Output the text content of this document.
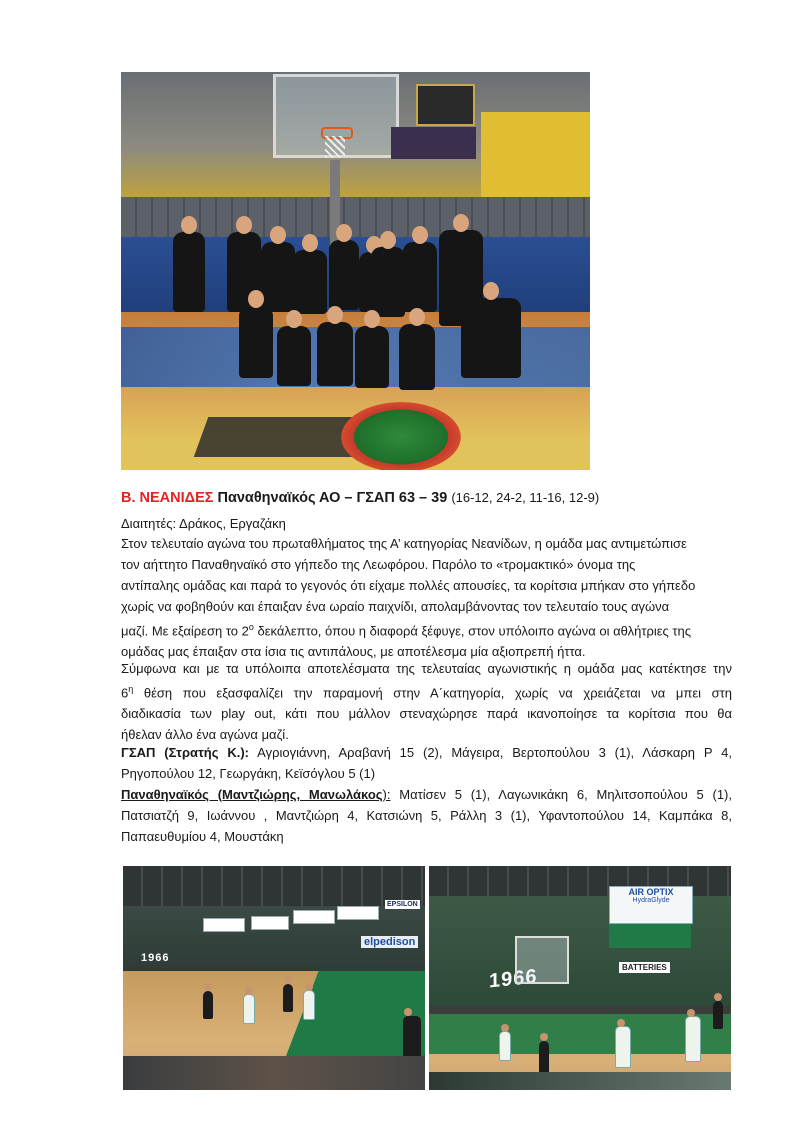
Β. ΝΕΑΝΙΔΕΣ Παναθηναϊκός ΑΟ – ΓΣΑΠ 63 – 39 (16-12, 24-2, 11-16, 12-9)
Διαιτητές: Δράκος, Εργαζάκη
Στον τελευταίο αγώνα του πρωταθλήματος της Α’ κατηγορίας Νεανίδων, η ομάδα μας αντιμετώπισε
τον αήττητο Παναθηναϊκό στο γήπεδο της Λεωφόρου. Παρόλο το «τρομακτικό» όνομα της
αντίπαλης ομάδας και παρά το γεγονός ότι είχαμε πολλές απουσίες, τα κορίτσια μπήκαν στο γήπεδο
χωρίς να φοβηθούν και έπαιξαν ένα ωραίο παιχνίδι, απολαμβάνοντας τον τελευταίο τους αγώνα
μαζί. Με εξαίρεση το $2^o$ δεκάλεπτο, όπου η διαφορά ξέφυγε, στον υπόλοιπο αγώνα οι αθλήτριες της
ομάδας μας έπαιξαν στα ίσια τις αντιπάλους, με αποτέλεσμα μία αξιοπρεπή ήττα.
Σύμφωνα και με τα υπόλοιπα αποτελέσματα της τελευταίας αγωνιστικής η ομάδα μας κατέκτησε την
$6^\eta$ θέση που εξασφαλίζει την παραμονή στην Α΄κατηγορία, χωρίς να χρειάζεται να μπει στη
διαδικασία των play out, κάτι που μάλλον στεναχώρησε παρά ικανοποίησε τα κορίτσια που θα
ήθελαν άλλο ένα αγώνα μαζί.
ΓΣΑΠ (Στρατής Κ.): Αγριογιάννη, Αραβανή 15 (2), Μάγειρα, Βερτοπούλου 3 (1), Λάσκαρη Ρ 4,
Ρηγοπούλου 12, Γεωργάκη, Κεϊσόγλου 5 (1)
Παναθηναϊκός (Μαντζιώρης, Μανωλάκος): Ματίσεν 5 (1), Λαγωνικάκη 6, Μηλιτσοπούλου 5 (1),
Πατσιατζή 9, Ιωάννου , Μαντζιώρη 4, Κατσιώνη 5, Ράλλη 3 (1), Υφαντοπούλου 14, Καμπάκα 8,
Παπαευθυμίου 4, Μουστάκη
1966
EPSILON
elpedison
AIR OPTIX
HydraGlyde
BATTERIES
1966
